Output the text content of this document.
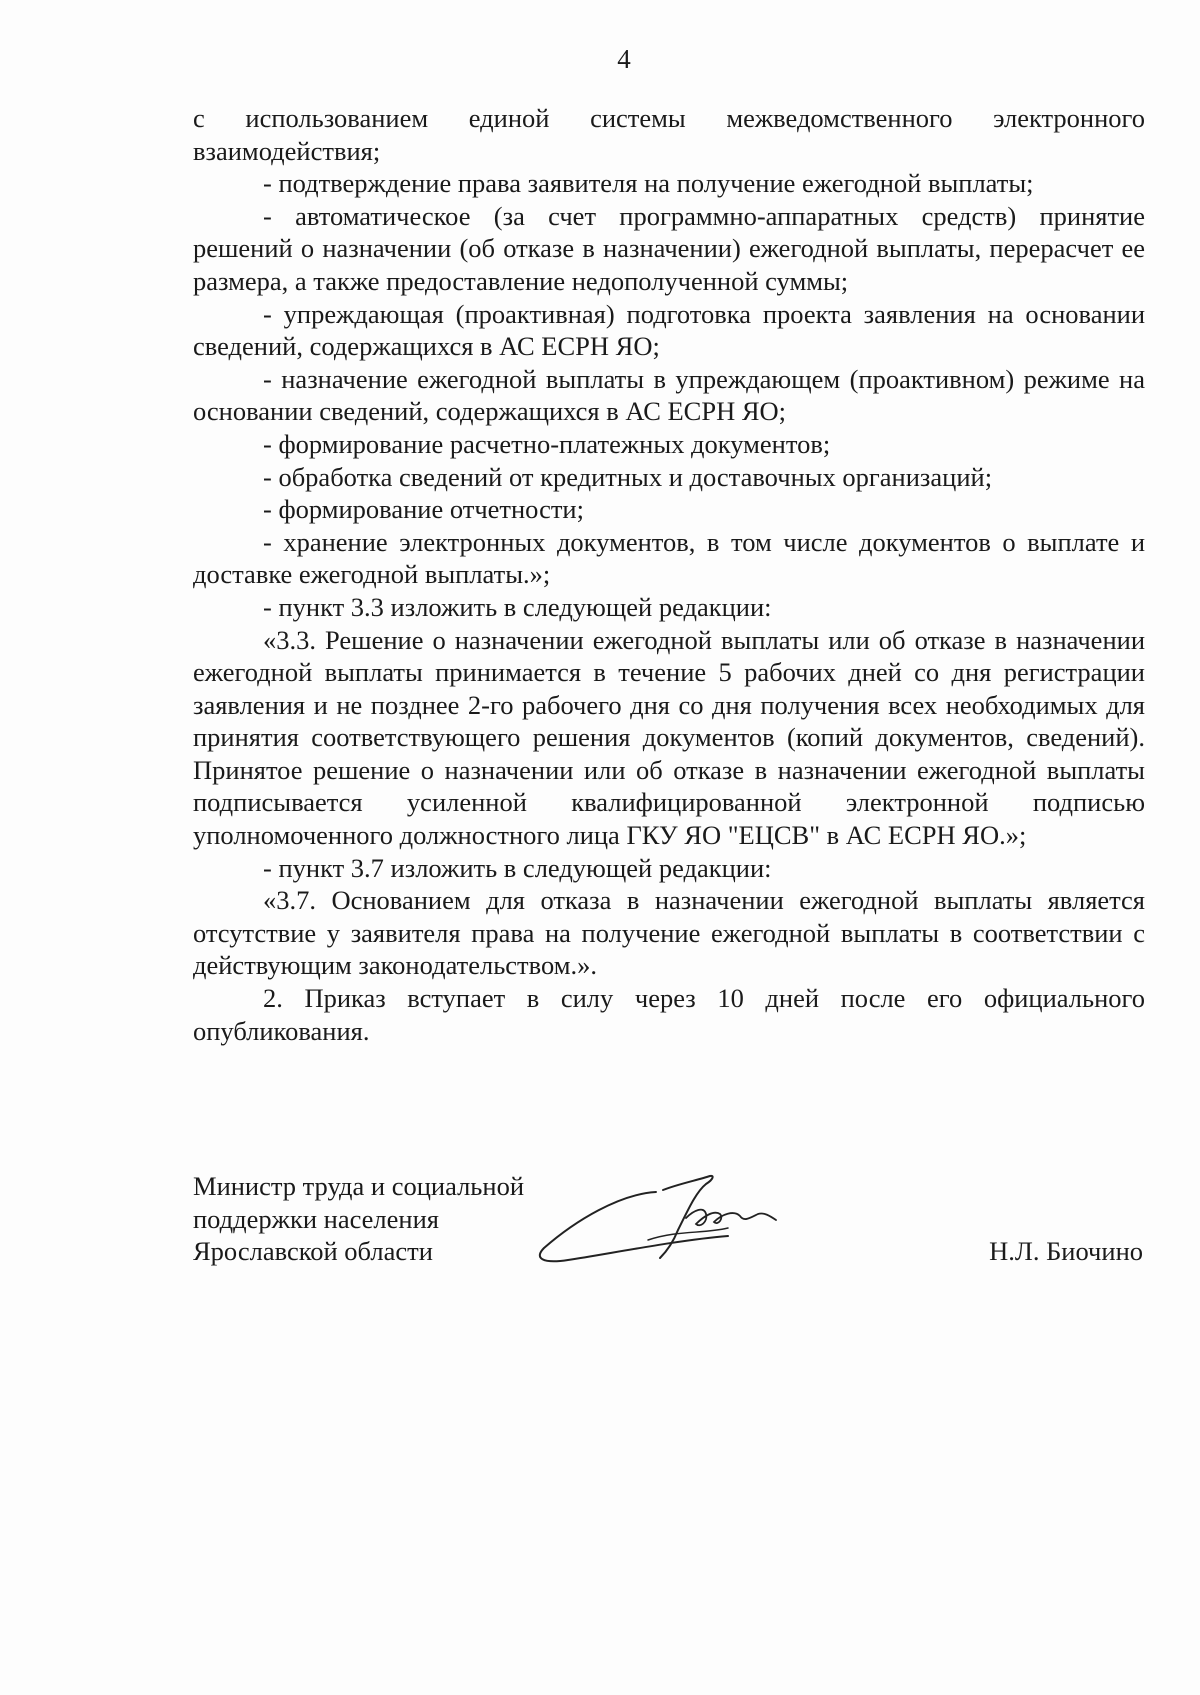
4

с использованием единой системы межведомственного электронного взаимодействия;

- подтверждение права заявителя на получение ежегодной выплаты;

- автоматическое (за счет программно-аппаратных средств) принятие решений о назначении (об отказе в назначении) ежегодной выплаты, перерасчет ее размера, а также предоставление недополученной суммы;

- упреждающая (проактивная) подготовка проекта заявления на основании сведений, содержащихся в АС ЕСРН ЯО;

- назначение ежегодной выплаты в упреждающем (проактивном) режиме на основании сведений, содержащихся в АС ЕСРН ЯО;

- формирование расчетно-платежных документов;

- обработка сведений от кредитных и доставочных организаций;

- формирование отчетности;

- хранение электронных документов, в том числе документов о выплате и доставке ежегодной выплаты.»;

- пункт 3.3 изложить в следующей редакции:

«3.3. Решение о назначении ежегодной выплаты или об отказе в назначении ежегодной выплаты принимается в течение 5 рабочих дней со дня регистрации заявления и не позднее 2-го рабочего дня со дня получения всех необходимых для принятия соответствующего решения документов (копий документов, сведений). Принятое решение о назначении или об отказе в назначении ежегодной выплаты подписывается усиленной квалифицированной электронной подписью уполномоченного должностного лица ГКУ ЯО "ЕЦСВ" в АС ЕСРН ЯО.»;

- пункт 3.7 изложить в следующей редакции:

«3.7. Основанием для отказа в назначении ежегодной выплаты является отсутствие у заявителя права на получение ежегодной выплаты в соответствии с действующим законодательством.».

2. Приказ вступает в силу через 10 дней после его официального опубликования.

Министр труда и социальной
поддержки населения
Ярославской области	Н.Л. Биочино
